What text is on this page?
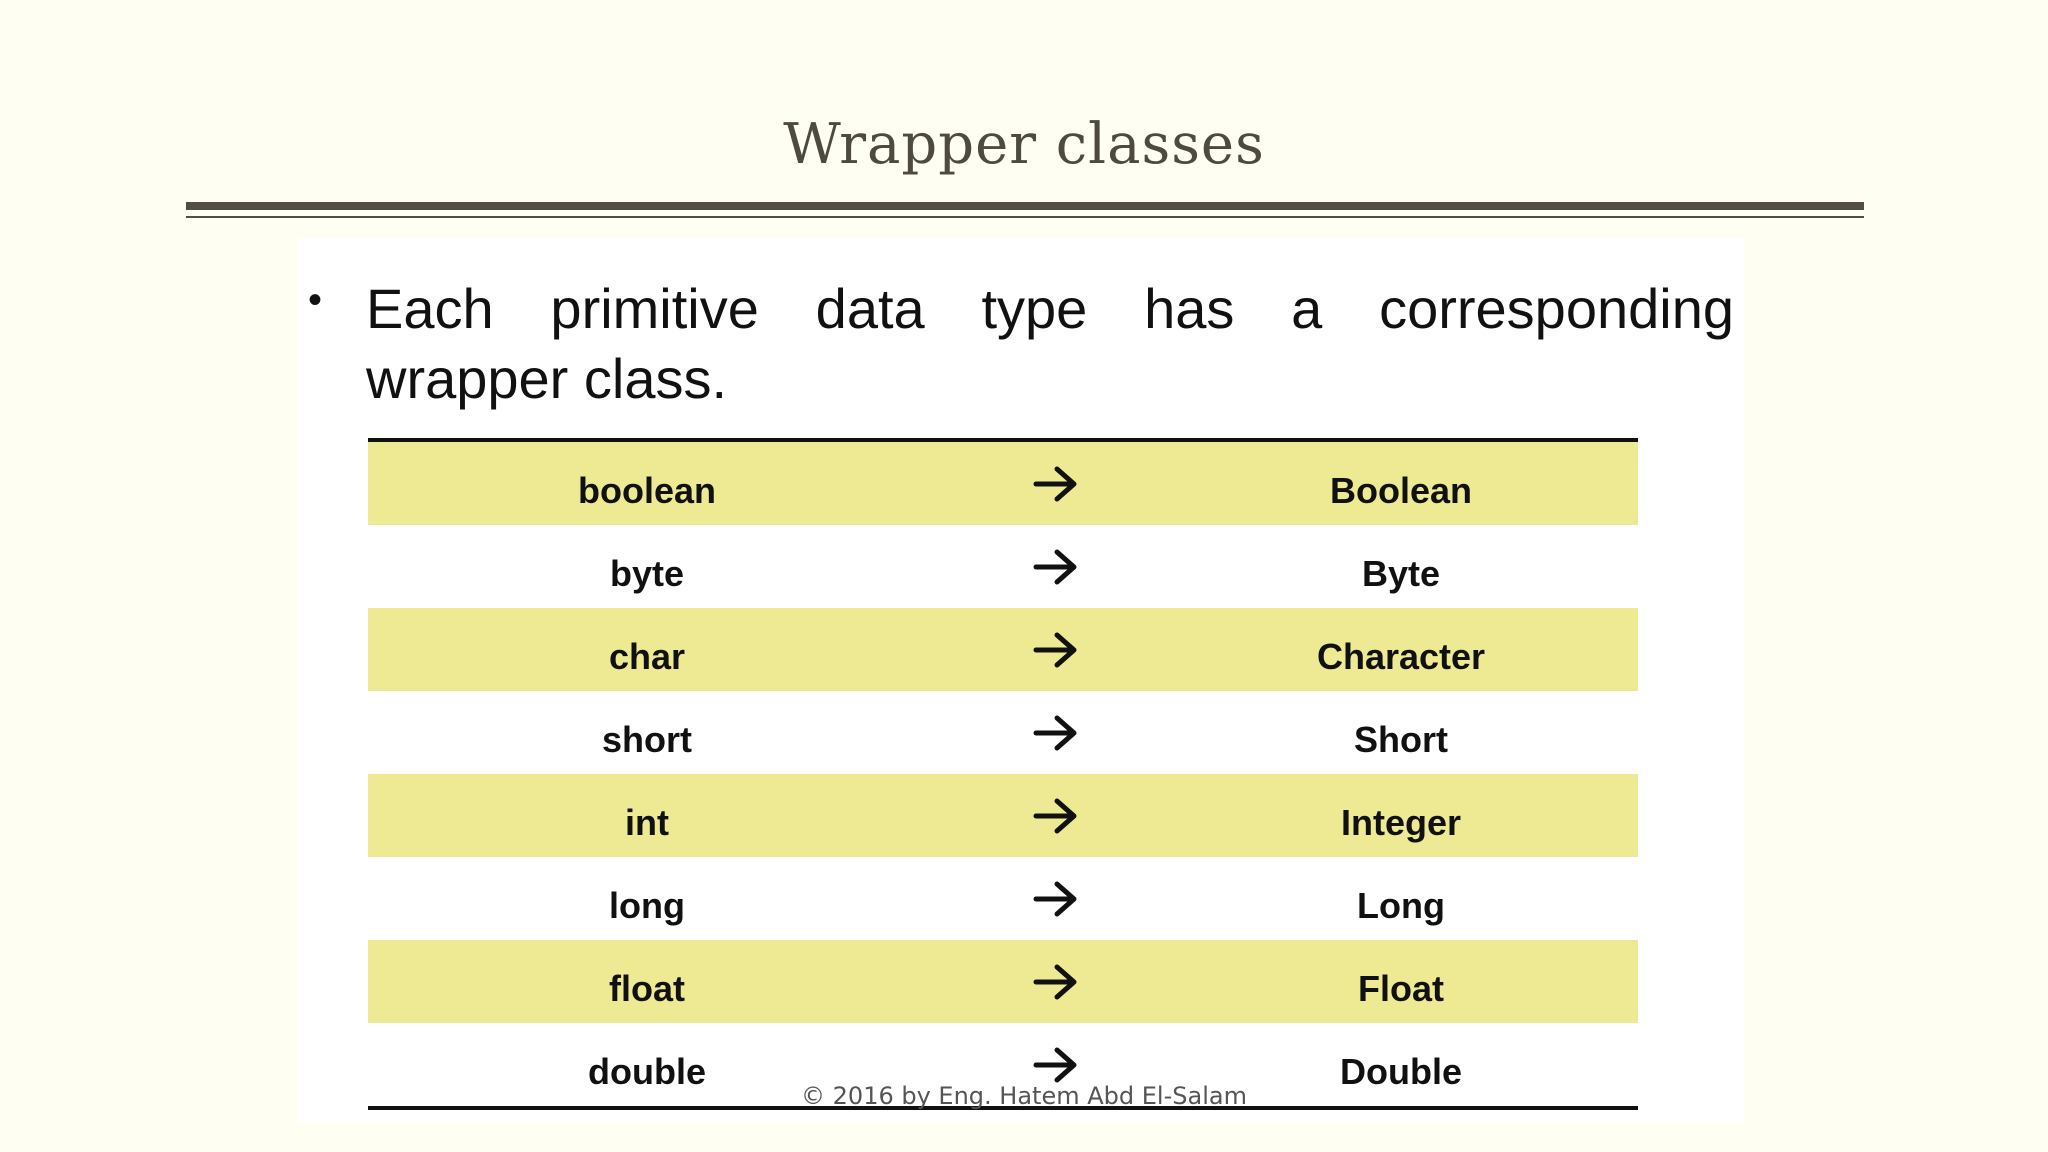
Wrapper classes
• Each primitive data type has a corresponding
wrapper class.
boolean	Boolean
byte	Byte
char	Character
short	Short
int	Integer
long	Long
float	Float
double	Double
© 2016 by Eng. Hatem Abd El-Salam
